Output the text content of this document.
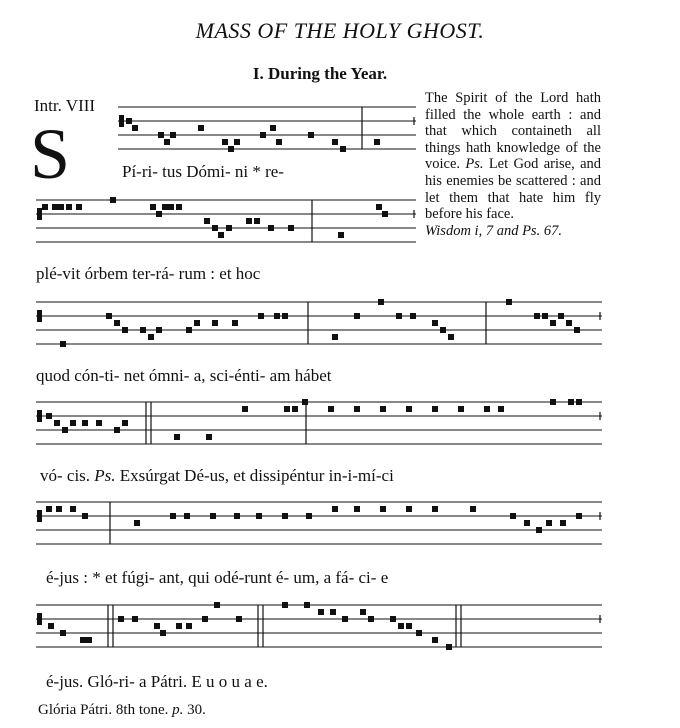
MASS OF THE HOLY GHOST.
I. During the Year.
Intr. VIII
S
The Spirit of the Lord hath filled the whole earth : and that which containeth all things hath knowledge of the voice. Ps. Let God arise, and his enemies be scattered : and let them that hate him fly before his face.
Wisdom i, 7 and Ps. 67.
Pí-ri- tus Dómi- ni * re-
plé-vit órbem ter-rá- rum : et hoc
quod cón-ti- net ómni- a, sci-énti- am hábet
vó- cis. Ps. Exsúrgat Dé-us, et dissipéntur in-i-mí-ci
é-jus : * et fúgi- ant, qui odé-runt é- um, a fá- ci- e
é-jus. Gló-ri- a Pátri. E u o u a e.
Glória Pátri. 8th tone. p. 30.
